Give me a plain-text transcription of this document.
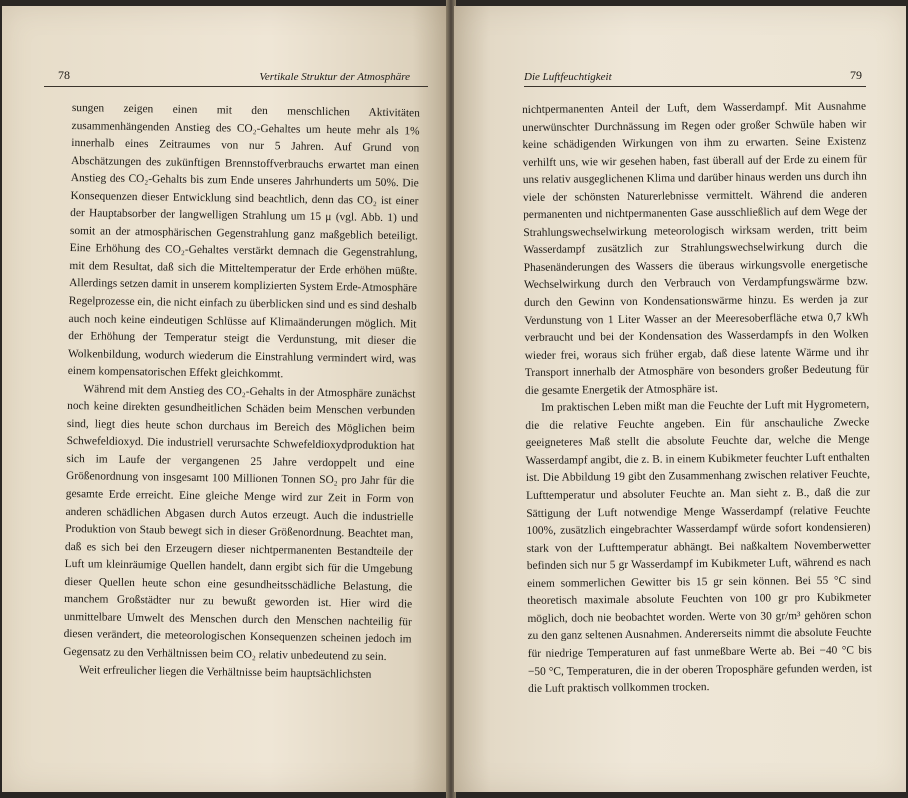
78	Vertikale Struktur der Atmosphäre

sungen zeigen einen mit den menschlichen Aktivitäten zusammenhängenden Anstieg des CO₂-Gehaltes um heute mehr als 1% innerhalb eines Zeitraumes von nur 5 Jahren. Auf Grund von Abschätzungen des zukünftigen Brennstoffverbrauchs erwartet man einen Anstieg des CO₂-Gehalts bis zum Ende unseres Jahrhunderts um 50%. Die Konsequenzen dieser Entwicklung sind beachtlich, denn das CO₂ ist einer der Hauptabsorber der langwelligen Strahlung um 15 μ (vgl. Abb. 1) und somit an der atmosphärischen Gegenstrahlung ganz maßgeblich beteiligt. Eine Erhöhung des CO₂-Gehaltes verstärkt demnach die Gegenstrahlung, mit dem Resultat, daß sich die Mitteltemperatur der Erde erhöhen müßte. Allerdings setzen damit in unserem komplizierten System Erde-Atmosphäre Regelprozesse ein, die nicht einfach zu überblicken sind und es sind deshalb auch noch keine eindeutigen Schlüsse auf Klimaänderungen möglich. Mit der Erhöhung der Temperatur steigt die Verdunstung, mit dieser die Wolkenbildung, wodurch wiederum die Einstrahlung vermindert wird, was einem kompensatorischen Effekt gleichkommt.

Während mit dem Anstieg des CO₂-Gehalts in der Atmosphäre zunächst noch keine direkten gesundheitlichen Schäden beim Menschen verbunden sind, liegt dies heute schon durchaus im Bereich des Möglichen beim Schwefeldioxyd. Die industriell verursachte Schwefeldioxydproduktion hat sich im Laufe der vergangenen 25 Jahre verdoppelt und eine Größenordnung von insgesamt 100 Millionen Tonnen SO₂ pro Jahr für die gesamte Erde erreicht. Eine gleiche Menge wird zur Zeit in Form von anderen schädlichen Abgasen durch Autos erzeugt. Auch die industrielle Produktion von Staub bewegt sich in dieser Größenordnung. Beachtet man, daß es sich bei den Erzeugern dieser nichtpermanenten Bestandteile der Luft um kleinräumige Quellen handelt, dann ergibt sich für die Umgebung dieser Quellen heute schon eine gesundheitsschädliche Belastung, die manchem Großstädter nur zu bewußt geworden ist. Hier wird die unmittelbare Umwelt des Menschen durch den Menschen nachteilig für diesen verändert, die meteorologischen Konsequenzen scheinen jedoch im Gegensatz zu den Verhältnissen beim CO₂ relativ unbedeutend zu sein.

Weit erfreulicher liegen die Verhältnisse beim hauptsächlichsten

Die Luftfeuchtigkeit	79

nichtpermanenten Anteil der Luft, dem Wasserdampf. Mit Ausnahme unerwünschter Durchnässung im Regen oder großer Schwüle haben wir keine schädigenden Wirkungen von ihm zu erwarten. Seine Existenz verhilft uns, wie wir gesehen haben, fast überall auf der Erde zu einem für uns relativ ausgeglichenen Klima und darüber hinaus werden uns durch ihn viele der schönsten Naturerlebnisse vermittelt. Während die anderen permanenten und nichtpermanenten Gase ausschließlich auf dem Wege der Strahlungswechselwirkung meteorologisch wirksam werden, tritt beim Wasserdampf zusätzlich zur Strahlungswechselwirkung durch die Phasenänderungen des Wassers die überaus wirkungsvolle energetische Wechselwirkung durch den Verbrauch von Verdampfungswärme bzw. durch den Gewinn von Kondensationswärme hinzu. Es werden ja zur Verdunstung von 1 Liter Wasser an der Meeresoberfläche etwa 0,7 kWh verbraucht und bei der Kondensation des Wasserdampfs in den Wolken wieder frei, woraus sich früher ergab, daß diese latente Wärme und ihr Transport innerhalb der Atmosphäre von besonders großer Bedeutung für die gesamte Energetik der Atmosphäre ist.

Im praktischen Leben mißt man die Feuchte der Luft mit Hygrometern, die die relative Feuchte angeben. Ein für anschauliche Zwecke geeigneteres Maß stellt die absolute Feuchte dar, welche die Menge Wasserdampf angibt, die z. B. in einem Kubikmeter feuchter Luft enthalten ist. Die Abbildung 19 gibt den Zusammenhang zwischen relativer Feuchte, Lufttemperatur und absoluter Feuchte an. Man sieht z. B., daß die zur Sättigung der Luft notwendige Menge Wasserdampf (relative Feuchte 100%, zusätzlich eingebrachter Wasserdampf würde sofort kondensieren) stark von der Lufttemperatur abhängt. Bei naßkaltem Novemberwetter befinden sich nur 5 gr Wasserdampf im Kubikmeter Luft, während es nach einem sommerlichen Gewitter bis 15 gr sein können. Bei 55 °C sind theoretisch maximale absolute Feuchten von 100 gr pro Kubikmeter möglich, doch nie beobachtet worden. Werte von 30 gr/m³ gehören schon zu den ganz seltenen Ausnahmen. Andererseits nimmt die absolute Feuchte für niedrige Temperaturen auf fast unmeßbare Werte ab. Bei −40 °C bis −50 °C, Temperaturen, die in der oberen Troposphäre gefunden werden, ist die Luft praktisch vollkommen trocken.
